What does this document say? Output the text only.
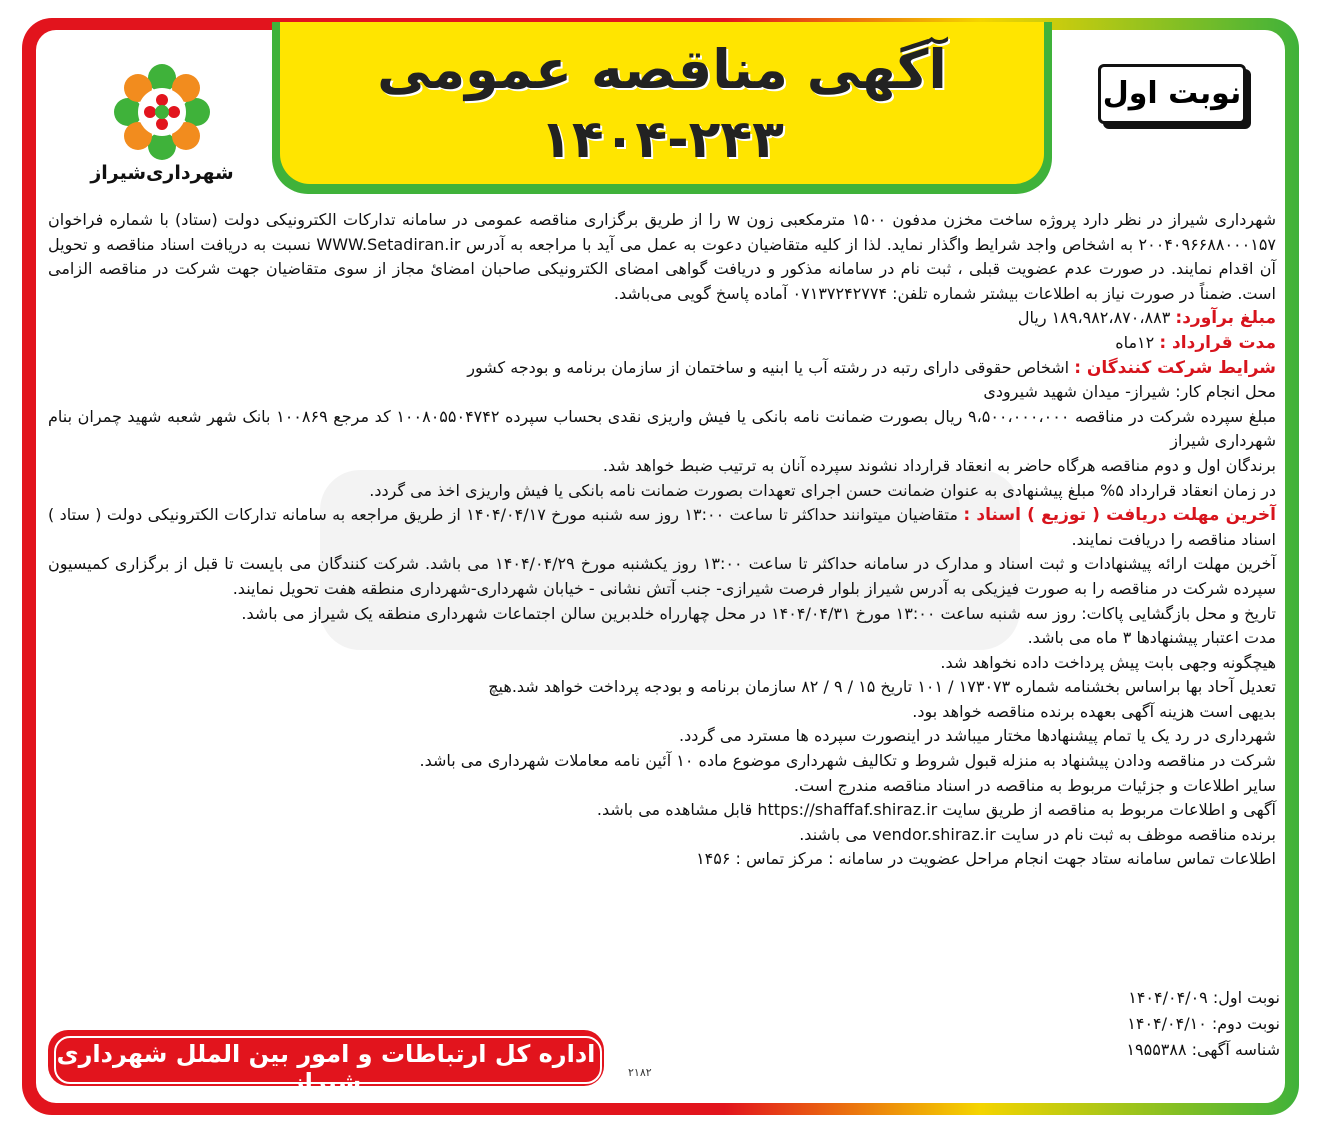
آگهی مناقصه عمومی
۱۴۰۴-۲۴۳
نوبت اول
شهرداری‌شیراز

شهرداری شیراز در نظر دارد پروژه ساخت مخزن مدفون ۱۵۰۰ مترمکعبی زون w را از طریق برگزاری مناقصه عمومی در سامانه تدارکات الکترونیکی دولت (ستاد) با شماره فراخوان ۲۰۰۴۰۹۶۶۸۸۰۰۰۱۵۷ به اشخاص واجد شرایط واگذار نماید. لذا از کلیه متقاضیان دعوت به عمل می آید با مراجعه به آدرس WWW.Setadiran.ir نسبت به دریافت اسناد مناقصه و تحویل آن اقدام نمایند. در صورت عدم عضویت قبلی ، ثبت نام در سامانه مذکور و دریافت گواهی امضای الکترونیکی صاحبان امضائ مجاز از سوی متقاضیان جهت شرکت در مناقصه الزامی است. ضمناً در صورت نیاز به اطلاعات بیشتر شماره تلفن: ۰۷۱۳۷۲۴۲۷۷۴ آماده پاسخ گویی می‌باشد.

مبلغ برآورد: ۱۸۹،۹۸۲،۸۷۰،۸۸۳ ریال

مدت قرارداد : ۱۲ماه

شرایط شرکت کنندگان : اشخاص حقوقی دارای رتبه در رشته آب یا ابنیه و ساختمان از سازمان برنامه و بودجه کشور

محل انجام کار: شیراز- میدان شهید شیرودی

مبلغ سپرده شرکت در مناقصه ۹،۵۰۰،۰۰۰،۰۰۰ ریال بصورت ضمانت نامه بانکی یا فیش واریزی نقدی بحساب سپرده ۱۰۰۸۰۵۵۰۴۷۴۲ کد مرجع ۱۰۰۸۶۹ بانک شهر شعبه شهید چمران بنام شهرداری شیراز

برندگان اول و دوم مناقصه هرگاه حاضر به انعقاد قرارداد نشوند سپرده آنان به ترتیب ضبط خواهد شد.

در زمان انعقاد قرارداد ۵% مبلغ پیشنهادی به عنوان ضمانت حسن اجرای تعهدات بصورت ضمانت نامه بانکی یا فیش واریزی اخذ می گردد.

آخرین مهلت دریافت ( توزیع ) اسناد : متقاضیان میتوانند حداکثر تا ساعت ۱۳:۰۰ روز سه شنبه مورخ ۱۴۰۴/۰۴/۱۷ از طریق مراجعه به سامانه تدارکات الکترونیکی دولت ( ستاد ) اسناد مناقصه را دریافت نمایند.

آخرین مهلت ارائه پیشنهادات و ثبت اسناد و مدارک در سامانه حداکثر تا ساعت ۱۳:۰۰ روز یکشنبه مورخ ۱۴۰۴/۰۴/۲۹ می باشد. شرکت کنندگان می بایست تا قبل از برگزاری کمیسیون سپرده شرکت در مناقصه را به صورت فیزیکی به آدرس شیراز بلوار فرصت شیرازی- جنب آتش نشانی - خیابان شهرداری-شهرداری منطقه هفت تحویل نمایند.

تاریخ و محل بازگشایی پاکات: روز سه شنبه ساعت ۱۳:۰۰ مورخ ۱۴۰۴/۰۴/۳۱ در محل چهارراه خلدبرین سالن اجتماعات شهرداری منطقه یک شیراز می باشد.

مدت اعتبار پیشنهادها ۳ ماه می باشد.

هیچگونه وجهی بابت پیش پرداخت داده نخواهد شد.

تعدیل آحاد بها براساس بخشنامه شماره ۱۷۳۰۷۳ / ۱۰۱ تاریخ ۱۵ / ۹ / ۸۲ سازمان برنامه و بودجه پرداخت خواهد شد.هیچ

بدیهی است هزینه آگهی بعهده برنده مناقصه خواهد بود.

شهرداری در رد یک یا تمام پیشنهادها مختار میباشد در اینصورت سپرده ها مسترد می گردد.

شرکت در مناقصه ودادن پیشنهاد به منزله قبول شروط و تکالیف شهرداری موضوع ماده ۱۰ آئین نامه معاملات شهرداری می باشد.

سایر اطلاعات و جزئیات مربوط به مناقصه در اسناد مناقصه مندرج است.

آگهی و اطلاعات مربوط به مناقصه از طریق سایت https://shaffaf.shiraz.ir قابل مشاهده می باشد.

برنده مناقصه موظف به ثبت نام در سایت vendor.shiraz.ir می باشند.

اطلاعات تماس سامانه ستاد جهت انجام مراحل عضویت در سامانه : مرکز تماس : ۱۴۵۶

نوبت اول: ۱۴۰۴/۰۴/۰۹
نوبت دوم: ۱۴۰۴/۰۴/۱۰
شناسه آگهی: ۱۹۵۵۳۸۸
اداره کل ارتباطات و امور بین الملل شهرداری شیراز	۲۱۸۲
